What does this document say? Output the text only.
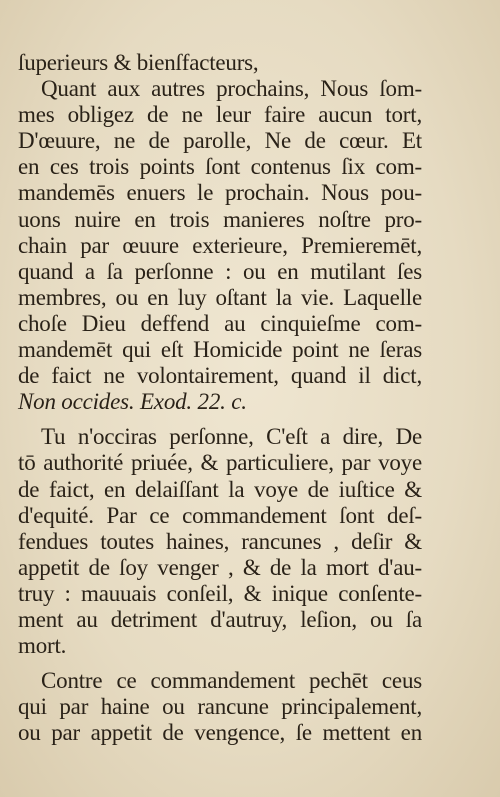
ſuperieurs & bienſfacteurs,
Quant aux autres prochains, Nous ſom-
mes obligez de ne leur faire aucun tort,
D'œuure, ne de parolle, Ne de cœur. Et
en ces trois points ſont contenus ſix com-
mandemēs enuers le prochain. Nous pou-
uons nuire en trois manieres noſtre pro-
chain par œuure exterieure, Premieremēt,
quand a ſa perſonne : ou en mutilant ſes
membres, ou en luy oſtant la vie. Laquelle
choſe Dieu deffend au cinquieſme com-
mandemēt qui eſt Homicide point ne ſeras
de faict ne volontairement, quand il dict,
Non occides. Exod. 22. c.
Tu n'occiras perſonne, C'eſt a dire, De
tō authorité priuée, & particuliere, par voye
de faict, en delaiſſant la voye de iuſtice &
d'equité. Par ce commandement ſont deſ-
fendues toutes haines, rancunes , deſir &
appetit de ſoy venger , & de la mort d'au-
truy : mauuais conſeil, & inique conſente-
ment au detriment d'autruy, leſion, ou ſa
mort.
Contre ce commandement pechēt ceus
qui par haine ou rancune principalement,
ou par appetit de vengence, ſe mettent en
